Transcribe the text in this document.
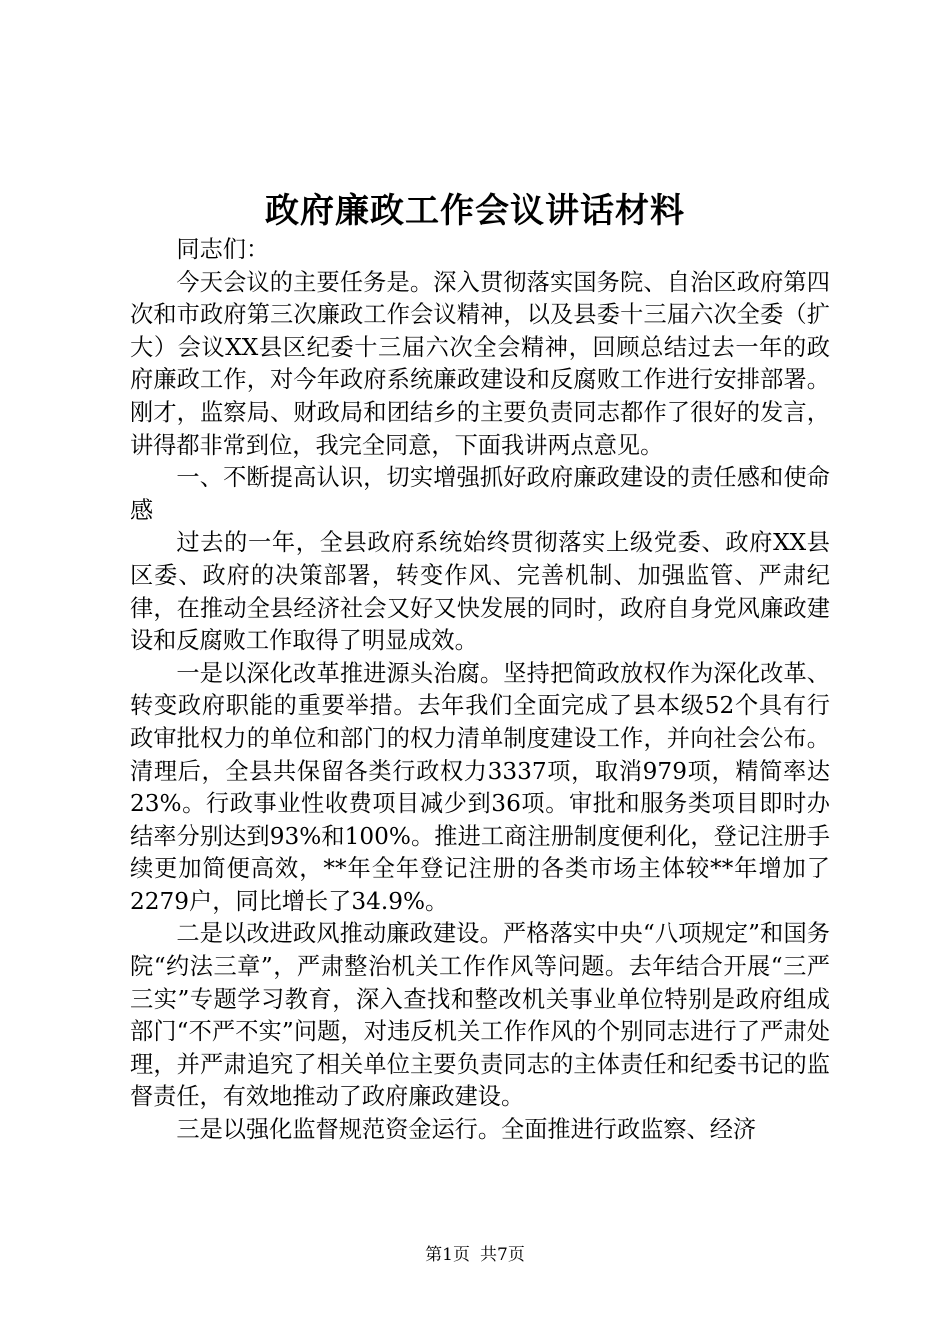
政府廉政工作会议讲话材料

同志们：

今天会议的主要任务是。深入贯彻落实国务院、自治区政府第四次和市政府第三次廉政工作会议精神，以及县委十三届六次全委（扩大）会议XX县区纪委十三届六次全会精神，回顾总结过去一年的政府廉政工作，对今年政府系统廉政建设和反腐败工作进行安排部署。刚才，监察局、财政局和团结乡的主要负责同志都作了很好的发言，讲得都非常到位，我完全同意，下面我讲两点意见。

一、不断提高认识，切实增强抓好政府廉政建设的责任感和使命感

过去的一年，全县政府系统始终贯彻落实上级党委、政府XX县区委、政府的决策部署，转变作风、完善机制、加强监管、严肃纪律，在推动全县经济社会又好又快发展的同时，政府自身党风廉政建设和反腐败工作取得了明显成效。

一是以深化改革推进源头治腐。坚持把简政放权作为深化改革、转变政府职能的重要举措。去年我们全面完成了县本级52个具有行政审批权力的单位和部门的权力清单制度建设工作，并向社会公布。清理后，全县共保留各类行政权力3337项，取消979项，精简率达23%。行政事业性收费项目减少到36项。审批和服务类项目即时办结率分别达到93%和100%。推进工商注册制度便利化，登记注册手续更加简便高效，**年全年登记注册的各类市场主体较**年增加了2279户，同比增长了34.9%。

二是以改进政风推动廉政建设。严格落实中央“八项规定”和国务院“约法三章”，严肃整治机关工作作风等问题。去年结合开展“三严三实”专题学习教育，深入查找和整改机关事业单位特别是政府组成部门“不严不实”问题，对违反机关工作作风的个别同志进行了严肃处理，并严肃追究了相关单位主要负责同志的主体责任和纪委书记的监督责任，有效地推动了政府廉政建设。

三是以强化监督规范资金运行。全面推进行政监察、经济

第1页 共7页
